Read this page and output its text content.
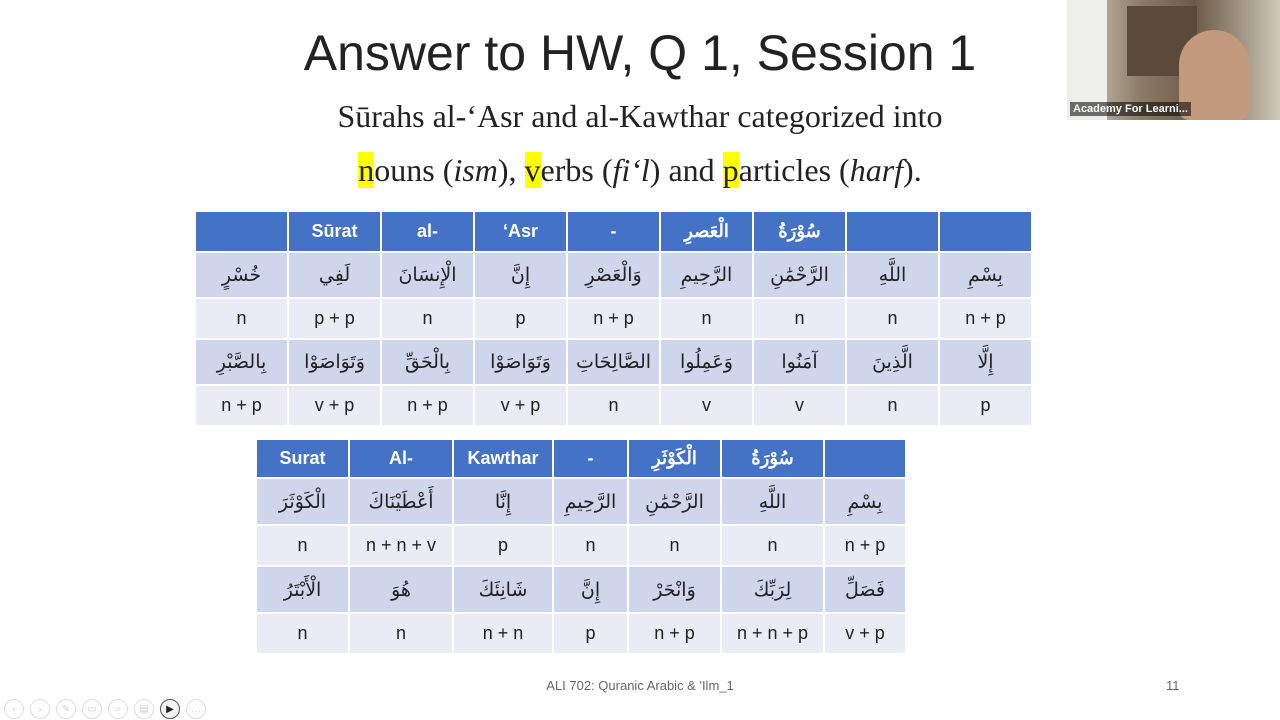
Answer to HW, Q 1, Session 1
Sūrahs al-‘Asr and al-Kawthar categorized into
nouns (ism), verbs (fi‘l) and particles (harf).
	Sūrat	al-	‘Asr	-	الْعَصرِ	سُوْرَةُ		
خُسْرٍ	لَفِي	الْإِنسَانَ	إِنَّ	وَالْعَصْرِ	الرَّحِيمِ	الرَّحْمَٰنِ	اللَّهِ	بِسْمِ
n	p + p	n	p	n + p	n	n	n	n + p
بِالصَّبْرِ	وَتَوَاصَوْا	بِالْحَقِّ	وَتَوَاصَوْا	الصَّالِحَاتِ	وَعَمِلُوا	آمَنُوا	الَّذِينَ	إِلَّا
n + p	v + p	n + p	v + p	n	v	v	n	p
Surat	Al-	Kawthar	-	الْكَوْثَرِ	سُوْرَةُ	
الْكَوْثَرَ	أَعْطَيْنَاكَ	إِنَّا	الرَّحِيمِ	الرَّحْمَٰنِ	اللَّهِ	بِسْمِ
n	n + n + v	p	n	n	n	n + p
الْأَبْتَرُ	هُوَ	شَانِئَكَ	إِنَّ	وَانْحَرْ	لِرَبِّكَ	فَصَلِّ
n	n	n + n	p	n + p	n + n + p	v + p
ALI 702: Quranic Arabic & 'Ilm_1	11
Academy For Learni...
‹	›	✎	▭	⌕	▤	▶	…
